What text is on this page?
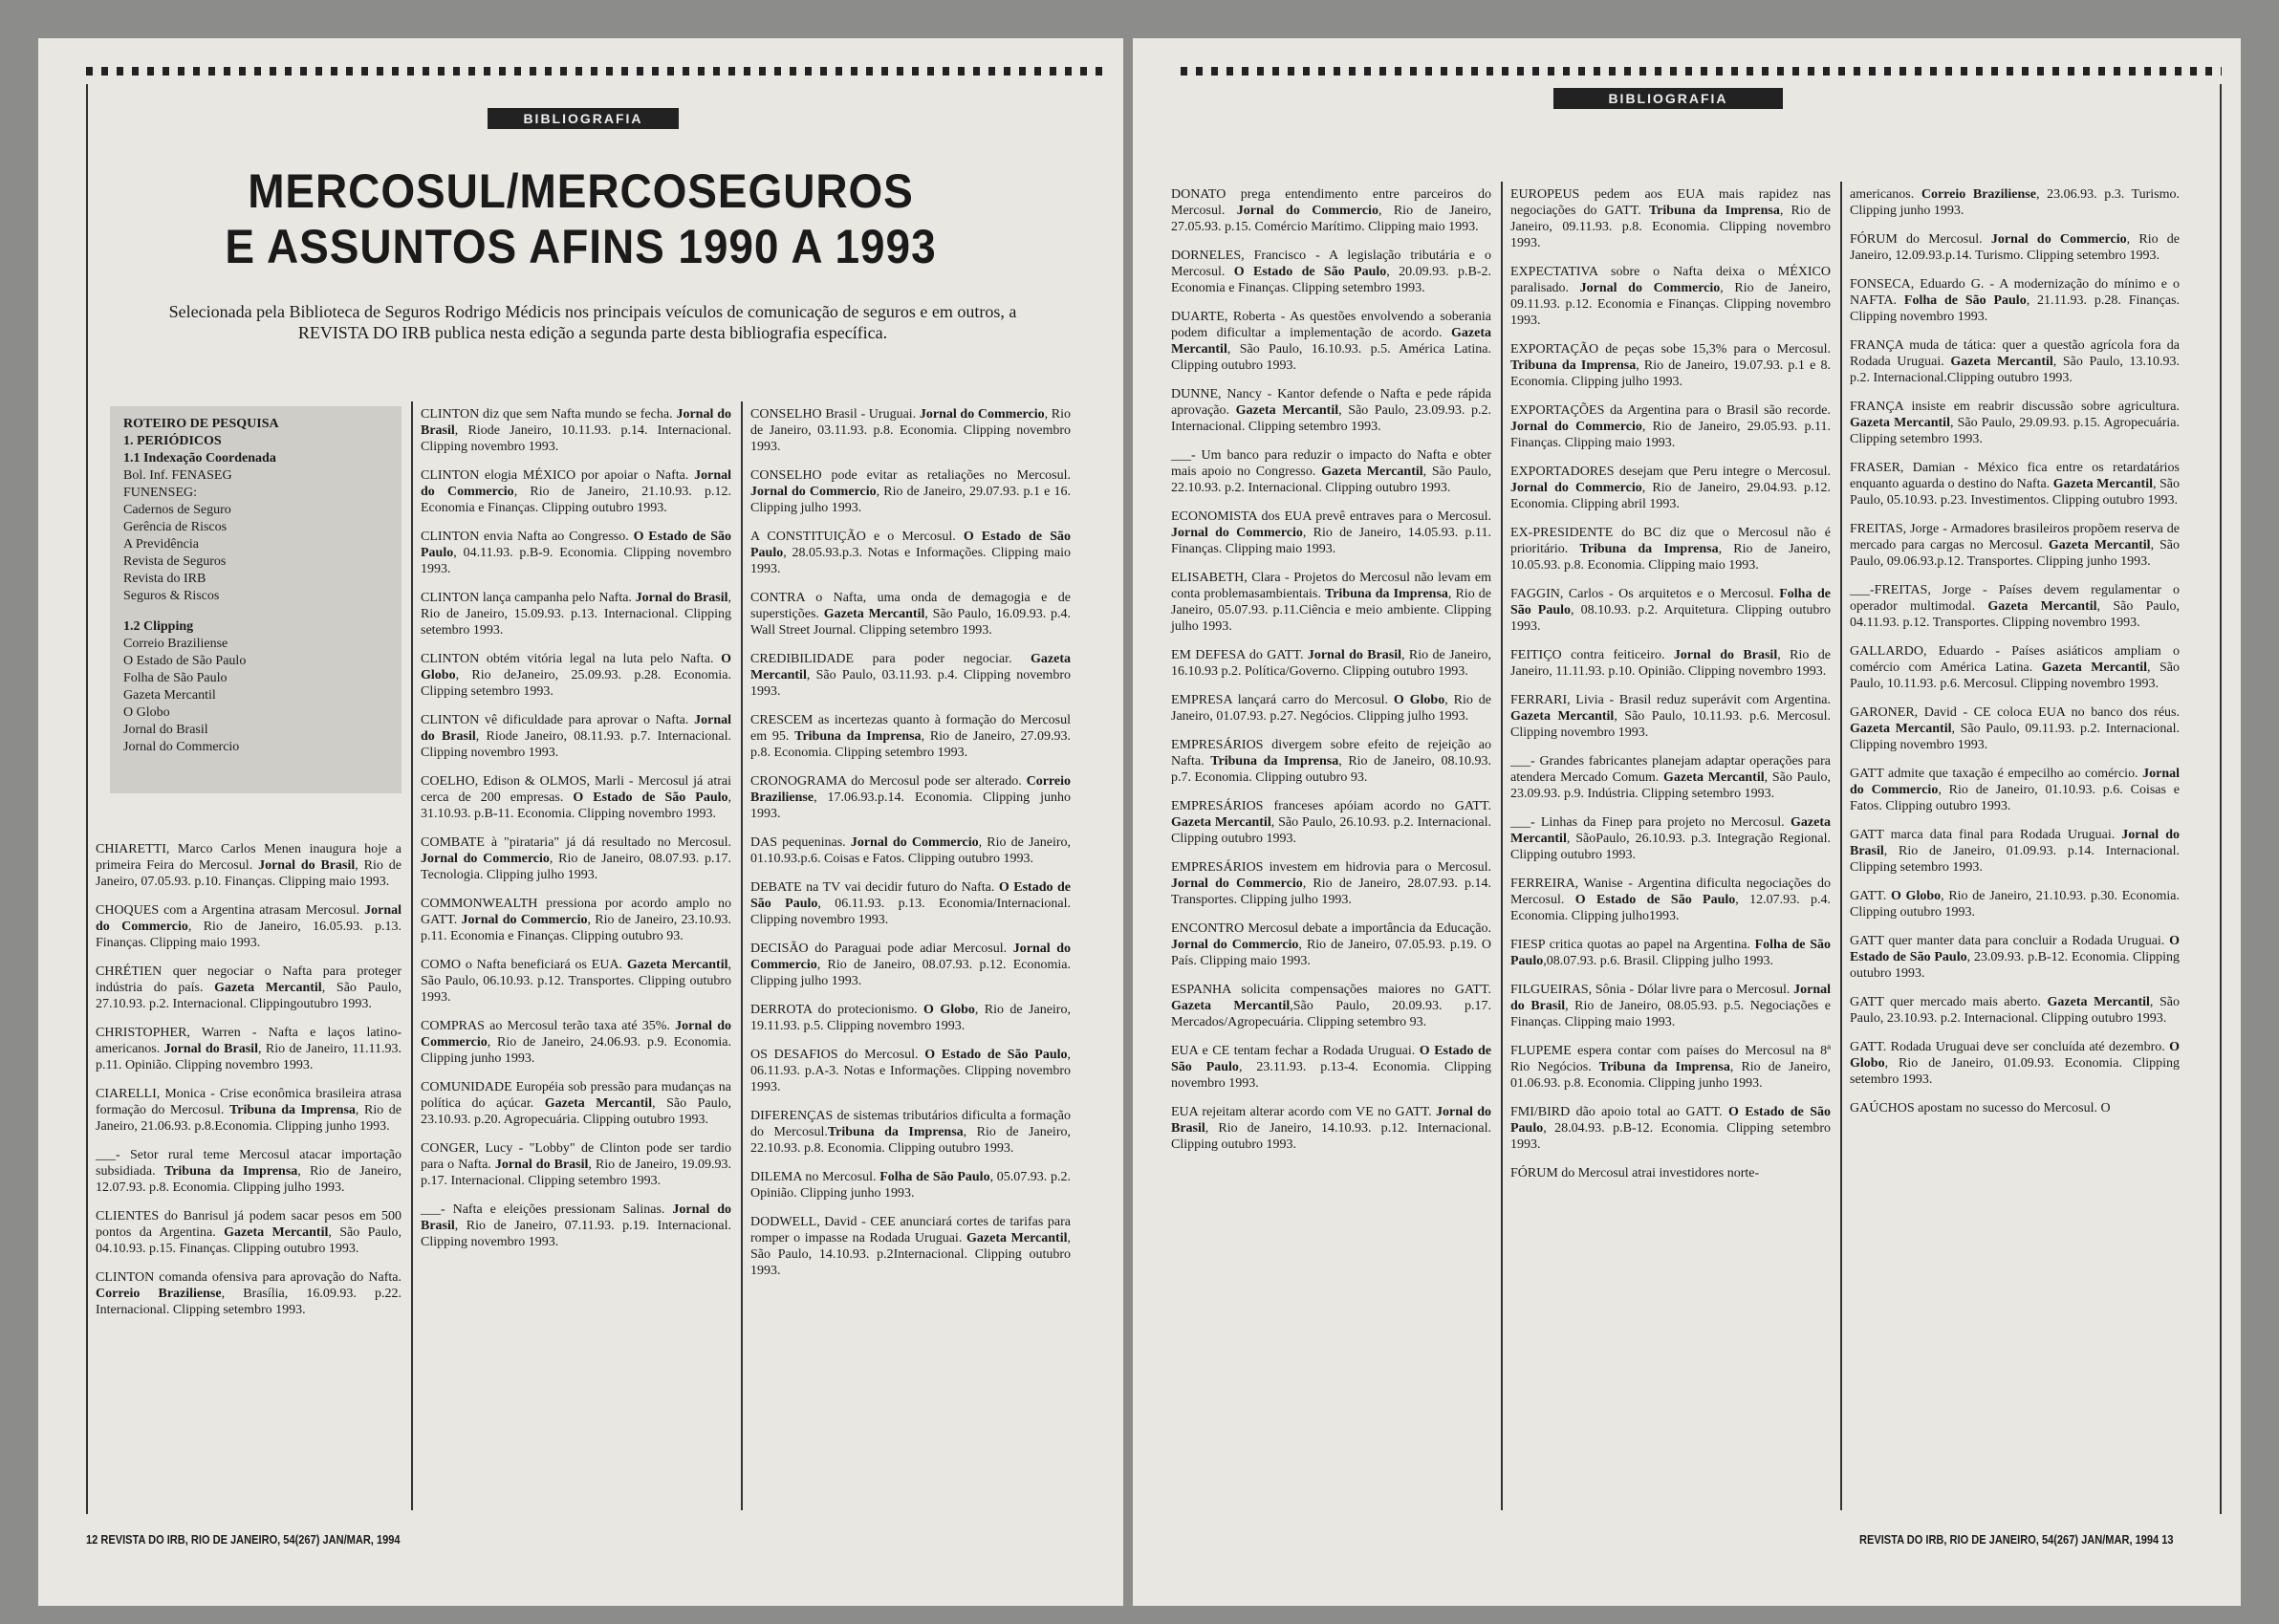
BIBLIOGRAFIA
MERCOSUL/MERCOSEGUROS
E ASSUNTOS AFINS 1990 A 1993
Selecionada pela Biblioteca de Seguros Rodrigo Médicis nos principais veículos de comunicação de seguros e em outros, a REVISTA DO IRB publica nesta edição a segunda parte desta bibliografia específica.
ROTEIRO DE PESQUISA
1. PERIÓDICOS
1.1 Indexação Coordenada
Bol. Inf. FENASEG
FUNENSEG:
Cadernos de Seguro
Gerência de Riscos
A Previdência
Revista de Seguros
Revista do IRB
Seguros & Riscos
1.2 Clipping
Correio Braziliense
O Estado de São Paulo
Folha de São Paulo
Gazeta Mercantil
O Globo
Jornal do Brasil
Jornal do Commercio

CHIARETTI, Marco Carlos Menen inaugura hoje a primeira Feira do Mercosul. Jornal do Brasil, Rio de Janeiro, 07.05.93. p.10. Finanças. Clipping maio 1993.

CHOQUES com a Argentina atrasam Mercosul. Jornal do Commercio, Rio de Janeiro, 16.05.93. p.13. Finanças. Clipping maio 1993.

CHRÉTIEN quer negociar o Nafta para proteger indústria do país. Gazeta Mercantil, São Paulo, 27.10.93. p.2. Internacional. Clippingoutubro 1993.

CHRISTOPHER, Warren - Nafta e laços latino-americanos. Jornal do Brasil, Rio de Janeiro, 11.11.93. p.11. Opinião. Clipping novembro 1993.

CIARELLI, Monica - Crise econômica brasileira atrasa formação do Mercosul. Tribuna da Imprensa, Rio de Janeiro, 21.06.93. p.8.Economia. Clipping junho 1993.

___- Setor rural teme Mercosul atacar importação subsidiada. Tribuna da Imprensa, Rio de Janeiro, 12.07.93. p.8. Economia. Clipping julho 1993.

CLIENTES do Banrisul já podem sacar pesos em 500 pontos da Argentina. Gazeta Mercantil, São Paulo, 04.10.93. p.15. Finanças. Clipping outubro 1993.

CLINTON comanda ofensiva para aprovação do Nafta. Correio Braziliense, Brasília, 16.09.93. p.22. Internacional. Clipping setembro 1993.

CLINTON diz que sem Nafta mundo se fecha. Jornal do Brasil, Riode Janeiro, 10.11.93. p.14. Internacional. Clipping novembro 1993.

CLINTON elogia MÉXICO por apoiar o Nafta. Jornal do Commercio, Rio de Janeiro, 21.10.93. p.12. Economia e Finanças. Clipping outubro 1993.

CLINTON envia Nafta ao Congresso. O Estado de São Paulo, 04.11.93. p.B-9. Economia. Clipping novembro 1993.

CLINTON lança campanha pelo Nafta. Jornal do Brasil, Rio de Janeiro, 15.09.93. p.13. Internacional. Clipping setembro 1993.

CLINTON obtém vitória legal na luta pelo Nafta. O Globo, Rio deJaneiro, 25.09.93. p.28. Economia. Clipping setembro 1993.

CLINTON vê dificuldade para aprovar o Nafta. Jornal do Brasil, Riode Janeiro, 08.11.93. p.7. Internacional. Clipping novembro 1993.

COELHO, Edison & OLMOS, Marli - Mercosul já atrai cerca de 200 empresas. O Estado de São Paulo, 31.10.93. p.B-11. Economia. Clipping novembro 1993.

COMBATE à "pirataria" já dá resultado no Mercosul. Jornal do Commercio, Rio de Janeiro, 08.07.93. p.17. Tecnologia. Clipping julho 1993.

COMMONWEALTH pressiona por acordo amplo no GATT. Jornal do Commercio, Rio de Janeiro, 23.10.93. p.11. Economia e Finanças. Clipping outubro 93.

COMO o Nafta beneficiará os EUA. Gazeta Mercantil, São Paulo, 06.10.93. p.12. Transportes. Clipping outubro 1993.

COMPRAS ao Mercosul terão taxa até 35%. Jornal do Commercio, Rio de Janeiro, 24.06.93. p.9. Economia. Clipping junho 1993.

COMUNIDADE Européia sob pressão para mudanças na política do açúcar. Gazeta Mercantil, São Paulo, 23.10.93. p.20. Agropecuária. Clipping outubro 1993.

CONGER, Lucy - "Lobby" de Clinton pode ser tardio para o Nafta. Jornal do Brasil, Rio de Janeiro, 19.09.93. p.17. Internacional. Clipping setembro 1993.

___- Nafta e eleições pressionam Salinas. Jornal do Brasil, Rio de Janeiro, 07.11.93. p.19. Internacional. Clipping novembro 1993.

CONSELHO Brasil - Uruguai. Jornal do Commercio, Rio de Janeiro, 03.11.93. p.8. Economia. Clipping novembro 1993.

CONSELHO pode evitar as retaliações no Mercosul. Jornal do Commercio, Rio de Janeiro, 29.07.93. p.1 e 16. Clipping julho 1993.

A CONSTITUIÇÃO e o Mercosul. O Estado de São Paulo, 28.05.93.p.3. Notas e Informações. Clipping maio 1993.

CONTRA o Nafta, uma onda de demagogia e de superstições. Gazeta Mercantil, São Paulo, 16.09.93. p.4. Wall Street Journal. Clipping setembro 1993.

CREDIBILIDADE para poder negociar. Gazeta Mercantil, São Paulo, 03.11.93. p.4. Clipping novembro 1993.

CRESCEM as incertezas quanto à formação do Mercosul em 95. Tribuna da Imprensa, Rio de Janeiro, 27.09.93. p.8. Economia. Clipping setembro 1993.

CRONOGRAMA do Mercosul pode ser alterado. Correio Braziliense, 17.06.93.p.14. Economia. Clipping junho 1993.

DAS pequeninas. Jornal do Commercio, Rio de Janeiro, 01.10.93.p.6. Coisas e Fatos. Clipping outubro 1993.

DEBATE na TV vai decidir futuro do Nafta. O Estado de São Paulo, 06.11.93. p.13. Economia/Internacional. Clipping novembro 1993.

DECISÃO do Paraguai pode adiar Mercosul. Jornal do Commercio, Rio de Janeiro, 08.07.93. p.12. Economia. Clipping julho 1993.

DERROTA do protecionismo. O Globo, Rio de Janeiro, 19.11.93. p.5. Clipping novembro 1993.

OS DESAFIOS do Mercosul. O Estado de São Paulo, 06.11.93. p.A-3. Notas e Informações. Clipping novembro 1993.

DIFERENÇAS de sistemas tributários dificulta a formação do Mercosul.Tribuna da Imprensa, Rio de Janeiro, 22.10.93. p.8. Economia. Clipping outubro 1993.

DILEMA no Mercosul. Folha de São Paulo, 05.07.93. p.2. Opinião. Clipping junho 1993.

DODWELL, David - CEE anunciará cortes de tarifas para romper o impasse na Rodada Uruguai. Gazeta Mercantil, São Paulo, 14.10.93. p.2Internacional. Clipping outubro 1993.

12 REVISTA DO IRB, RIO DE JANEIRO, 54(267) JAN/MAR, 1994
BIBLIOGRAFIA

DONATO prega entendimento entre parceiros do Mercosul. Jornal do Commercio, Rio de Janeiro, 27.05.93. p.15. Comércio Marítimo. Clipping maio 1993.

DORNELES, Francisco - A legislação tributária e o Mercosul. O Estado de São Paulo, 20.09.93. p.B-2. Economia e Finanças. Clipping setembro 1993.

DUARTE, Roberta - As questões envolvendo a soberania podem dificultar a implementação de acordo. Gazeta Mercantil, São Paulo, 16.10.93. p.5. América Latina. Clipping outubro 1993.

DUNNE, Nancy - Kantor defende o Nafta e pede rápida aprovação. Gazeta Mercantil, São Paulo, 23.09.93. p.2. Internacional. Clipping setembro 1993.

___- Um banco para reduzir o impacto do Nafta e obter mais apoio no Congresso. Gazeta Mercantil, São Paulo, 22.10.93. p.2. Internacional. Clipping outubro 1993.

ECONOMISTA dos EUA prevê entraves para o Mercosul. Jornal do Commercio, Rio de Janeiro, 14.05.93. p.11. Finanças. Clipping maio 1993.

ELISABETH, Clara - Projetos do Mercosul não levam em conta problemasambientais. Tribuna da Imprensa, Rio de Janeiro, 05.07.93. p.11.Ciência e meio ambiente. Clipping julho 1993.

EM DEFESA do GATT. Jornal do Brasil, Rio de Janeiro, 16.10.93 p.2. Política/Governo. Clipping outubro 1993.

EMPRESA lançará carro do Mercosul. O Globo, Rio de Janeiro, 01.07.93. p.27. Negócios. Clipping julho 1993.

EMPRESÁRIOS divergem sobre efeito de rejeição ao Nafta. Tribuna da Imprensa, Rio de Janeiro, 08.10.93. p.7. Economia. Clipping outubro 93.

EMPRESÁRIOS franceses apóiam acordo no GATT. Gazeta Mercantil, São Paulo, 26.10.93. p.2. Internacional. Clipping outubro 1993.

EMPRESÁRIOS investem em hidrovia para o Mercosul. Jornal do Commercio, Rio de Janeiro, 28.07.93. p.14. Transportes. Clipping julho 1993.

ENCONTRO Mercosul debate a importância da Educação. Jornal do Commercio, Rio de Janeiro, 07.05.93. p.19. O País. Clipping maio 1993.

ESPANHA solicita compensações maiores no GATT. Gazeta Mercantil,São Paulo, 20.09.93. p.17. Mercados/Agropecuária. Clipping setembro 93.

EUA e CE tentam fechar a Rodada Uruguai. O Estado de São Paulo, 23.11.93. p.13-4. Economia. Clipping novembro 1993.

EUA rejeitam alterar acordo com VE no GATT. Jornal do Brasil, Rio de Janeiro, 14.10.93. p.12. Internacional. Clipping outubro 1993.

EUROPEUS pedem aos EUA mais rapidez nas negociações do GATT. Tribuna da Imprensa, Rio de Janeiro, 09.11.93. p.8. Economia. Clipping novembro 1993.

EXPECTATIVA sobre o Nafta deixa o MÉXICO paralisado. Jornal do Commercio, Rio de Janeiro, 09.11.93. p.12. Economia e Finanças. Clipping novembro 1993.

EXPORTAÇÃO de peças sobe 15,3% para o Mercosul. Tribuna da Imprensa, Rio de Janeiro, 19.07.93. p.1 e 8. Economia. Clipping julho 1993.

EXPORTAÇÕES da Argentina para o Brasil são recorde. Jornal do Commercio, Rio de Janeiro, 29.05.93. p.11. Finanças. Clipping maio 1993.

EXPORTADORES desejam que Peru integre o Mercosul. Jornal do Commercio, Rio de Janeiro, 29.04.93. p.12. Economia. Clipping abril 1993.

EX-PRESIDENTE do BC diz que o Mercosul não é prioritário. Tribuna da Imprensa, Rio de Janeiro, 10.05.93. p.8. Economia. Clipping maio 1993.

FAGGIN, Carlos - Os arquitetos e o Mercosul. Folha de São Paulo, 08.10.93. p.2. Arquitetura. Clipping outubro 1993.

FEITIÇO contra feiticeiro. Jornal do Brasil, Rio de Janeiro, 11.11.93. p.10. Opinião. Clipping novembro 1993.

FERRARI, Livia - Brasil reduz superávit com Argentina. Gazeta Mercantil, São Paulo, 10.11.93. p.6. Mercosul. Clipping novembro 1993.

___- Grandes fabricantes planejam adaptar operações para atendera Mercado Comum. Gazeta Mercantil, São Paulo, 23.09.93. p.9. Indústria. Clipping setembro 1993.

___- Linhas da Finep para projeto no Mercosul. Gazeta Mercantil, SãoPaulo, 26.10.93. p.3. Integração Regional. Clipping outubro 1993.

FERREIRA, Wanise - Argentina dificulta negociações do Mercosul. O Estado de São Paulo, 12.07.93. p.4. Economia. Clipping julho1993.

FIESP critica quotas ao papel na Argentina. Folha de São Paulo,08.07.93. p.6. Brasil. Clipping julho 1993.

FILGUEIRAS, Sônia - Dólar livre para o Mercosul. Jornal do Brasil, Rio de Janeiro, 08.05.93. p.5. Negociações e Finanças. Clipping maio 1993.

FLUPEME espera contar com países do Mercosul na 8ª Rio Negócios. Tribuna da Imprensa, Rio de Janeiro, 01.06.93. p.8. Economia. Clipping junho 1993.

FMI/BIRD dão apoio total ao GATT. O Estado de São Paulo, 28.04.93. p.B-12. Economia. Clipping setembro 1993.

FÓRUM do Mercosul atrai investidores norte-

americanos. Correio Braziliense, 23.06.93. p.3. Turismo. Clipping junho 1993.

FÓRUM do Mercosul. Jornal do Commercio, Rio de Janeiro, 12.09.93.p.14. Turismo. Clipping setembro 1993.

FONSECA, Eduardo G. - A modernização do mínimo e o NAFTA. Folha de São Paulo, 21.11.93. p.28. Finanças. Clipping novembro 1993.

FRANÇA muda de tática: quer a questão agrícola fora da Rodada Uruguai. Gazeta Mercantil, São Paulo, 13.10.93. p.2. Internacional.Clipping outubro 1993.

FRANÇA insiste em reabrir discussão sobre agricultura. Gazeta Mercantil, São Paulo, 29.09.93. p.15. Agropecuária. Clipping setembro 1993.

FRASER, Damian - México fica entre os retardatários enquanto aguarda o destino do Nafta. Gazeta Mercantil, São Paulo, 05.10.93. p.23. Investimentos. Clipping outubro 1993.

FREITAS, Jorge - Armadores brasileiros propõem reserva de mercado para cargas no Mercosul. Gazeta Mercantil, São Paulo, 09.06.93.p.12. Transportes. Clipping junho 1993.

___-FREITAS, Jorge - Países devem regulamentar o operador multimodal. Gazeta Mercantil, São Paulo, 04.11.93. p.12. Transportes. Clipping novembro 1993.

GALLARDO, Eduardo - Países asiáticos ampliam o comércio com América Latina. Gazeta Mercantil, São Paulo, 10.11.93. p.6. Mercosul. Clipping novembro 1993.

GARONER, David - CE coloca EUA no banco dos réus. Gazeta Mercantil, São Paulo, 09.11.93. p.2. Internacional. Clipping novembro 1993.

GATT admite que taxação é empecilho ao comércio. Jornal do Commercio, Rio de Janeiro, 01.10.93. p.6. Coisas e Fatos. Clipping outubro 1993.

GATT marca data final para Rodada Uruguai. Jornal do Brasil, Rio de Janeiro, 01.09.93. p.14. Internacional. Clipping setembro 1993.

GATT. O Globo, Rio de Janeiro, 21.10.93. p.30. Economia. Clipping outubro 1993.

GATT quer manter data para concluir a Rodada Uruguai. O Estado de São Paulo, 23.09.93. p.B-12. Economia. Clipping outubro 1993.

GATT quer mercado mais aberto. Gazeta Mercantil, São Paulo, 23.10.93. p.2. Internacional. Clipping outubro 1993.

GATT. Rodada Uruguai deve ser concluída até dezembro. O Globo, Rio de Janeiro, 01.09.93. Economia. Clipping setembro 1993.

GAÚCHOS apostam no sucesso do Mercosul. O

REVISTA DO IRB, RIO DE JANEIRO, 54(267) JAN/MAR, 1994 13
